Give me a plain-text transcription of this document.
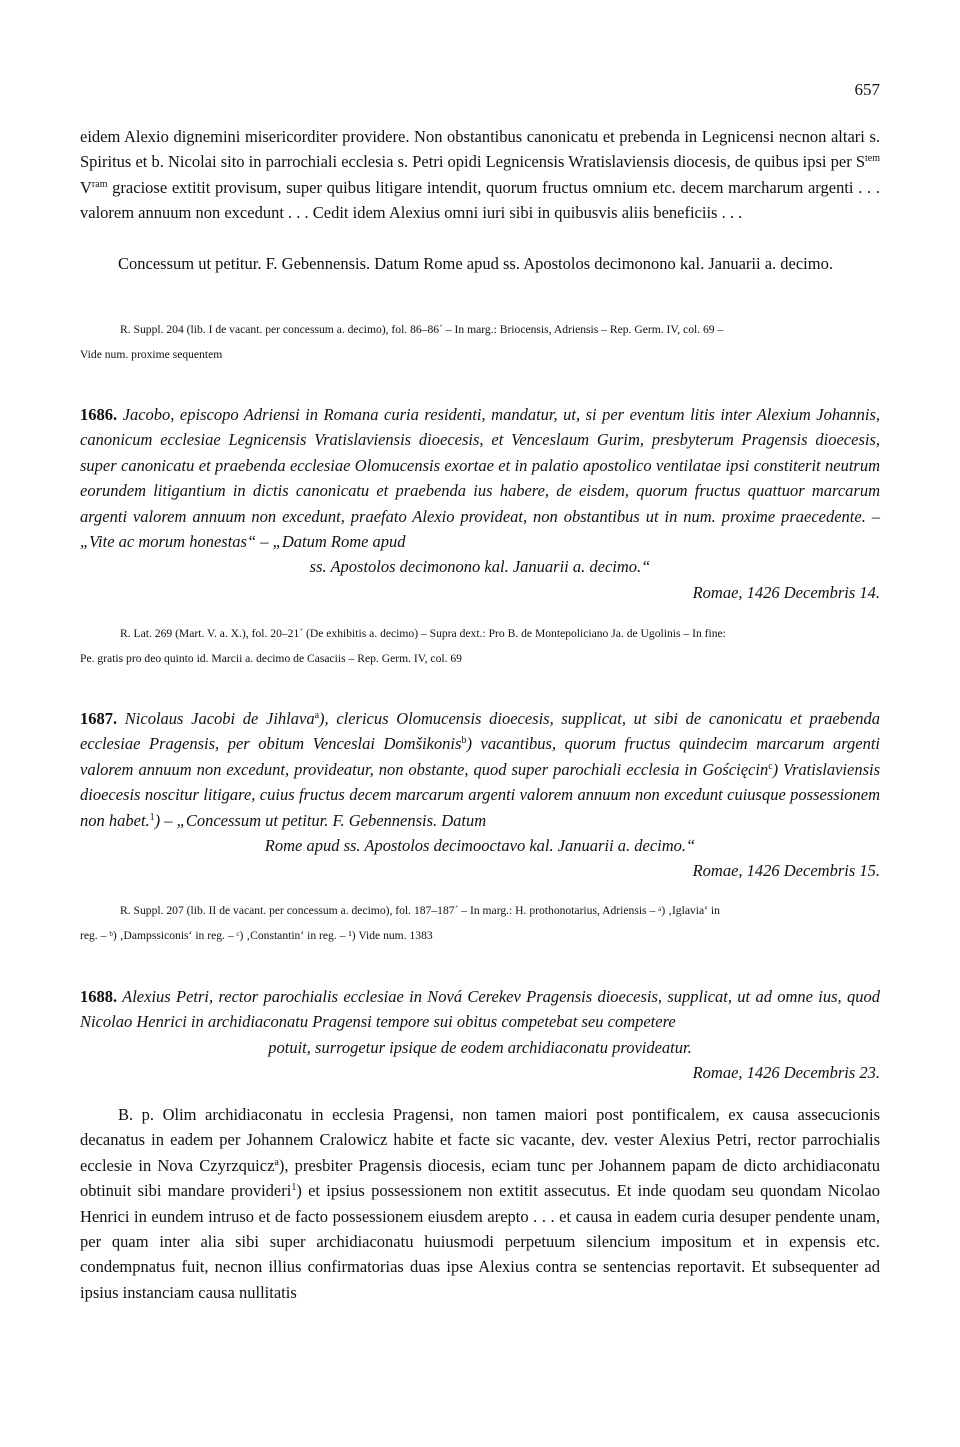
657
eidem Alexio dignemini misericorditer providere. Non obstantibus canonicatu et prebenda in Legnicensi necnon altari s. Spiritus et b. Nicolai sito in parrochiali ecclesia s. Petri opidi Legnicensis Wratislaviensis diocesis, de quibus ipsi per $S^{tem}$ $V^{ram}$ graciose extitit provisum, super quibus litigare intendit, quorum fructus omnium etc. decem marcharum argenti . . . valorem annuum non excedunt . . . Cedit idem Alexius omni iuri sibi in quibusvis aliis beneficiis . . .
Concessum ut petitur. F. Gebennensis. Datum Rome apud ss. Apostolos decimonono kal. Januarii a. decimo.
R. Suppl. 204 (lib. I de vacant. per concessum a. decimo), fol. 86–86´ – In marg.: Briocensis, Adriensis – Rep. Germ. IV, col. 69 –
Vide num. proxime sequentem
1686. Jacobo, episcopo Adriensi in Romana curia residenti, mandatur, ut, si per eventum litis inter Alexium Johannis, canonicum ecclesiae Legnicensis Vratislaviensis dioecesis, et Venceslaum Gurim, presbyterum Pragensis dioecesis, super canonicatu et praebenda ecclesiae Olomucensis exortae et in palatio apostolico ventilatae ipsi constiterit neutrum eorundem litigantium in dictis canonicatu et praebenda ius habere, de eisdem, quorum fructus quattuor marcarum argenti valorem annuum non excedunt, praefato Alexio provideat, non obstantibus ut in num. proxime praecedente. – „Vite ac morum honestas“ – „Datum Rome apud
ss. Apostolos decimonono kal. Januarii a. decimo.“
Romae, 1426 Decembris 14.
R. Lat. 269 (Mart. V. a. X.), fol. 20–21´ (De exhibitis a. decimo) – Supra dext.: Pro B. de Montepoliciano Ja. de Ugolinis – In fine:
Pe. gratis pro deo quinto id. Marcii a. decimo de Casaciis – Rep. Germ. IV, col. 69
1687. Nicolaus Jacobi de Jihlava$^a$), clericus Olomucensis dioecesis, supplicat, ut sibi de canonicatu et praebenda ecclesiae Pragensis, per obitum Venceslai Domšikonis$^b$) vacantibus, quorum fructus quindecim marcarum argenti valorem annuum non excedunt, provideatur, non obstante, quod super parochiali ecclesia in Gościęcin$^c$) Vratislaviensis dioecesis noscitur litigare, cuius fructus decem marcarum argenti valorem annuum non excedunt cuiusque possessionem non habet.$^1$) – „Concessum ut petitur. F. Gebennensis. Datum
Rome apud ss. Apostolos decimooctavo kal. Januarii a. decimo.“
Romae, 1426 Decembris 15.
R. Suppl. 207 (lib. II de vacant. per concessum a. decimo), fol. 187–187´ – In marg.: H. prothonotarius, Adriensis – ᵃ) ‚Iglavia‘ in
reg. – ᵇ) ‚Dampssiconis‘ in reg. – ᶜ) ‚Constantin‘ in reg. – ¹) Vide num. 1383
1688. Alexius Petri, rector parochialis ecclesiae in Nová Cerekev Pragensis dioecesis, supplicat, ut ad omne ius, quod Nicolao Henrici in archidiaconatu Pragensi tempore sui obitus competebat seu competere
potuit, surrogetur ipsique de eodem archidiaconatu provideatur.
Romae, 1426 Decembris 23.
B. p. Olim archidiaconatu in ecclesia Pragensi, non tamen maiori post pontificalem, ex causa assecucionis decanatus in eadem per Johannem Cralowicz habite et facte sic vacante, dev. vester Alexius Petri, rector parrochialis ecclesie in Nova Czyrzquicz$^a$), presbiter Pragensis diocesis, eciam tunc per Johannem papam de dicto archidiaconatu obtinuit sibi mandare provideri$^1$) et ipsius possessionem non extitit assecutus. Et inde quodam seu quondam Nicolao Henrici in eundem intruso et de facto possessionem eiusdem arepto . . . et causa in eadem curia desuper pendente unam, per quam inter alia sibi super archidiaconatu huiusmodi perpetuum silencium impositum et in expensis etc. condempnatus fuit, necnon illius confirmatorias duas ipse Alexius contra se sentencias reportavit. Et subsequenter ad ipsius instanciam causa nullitatis
